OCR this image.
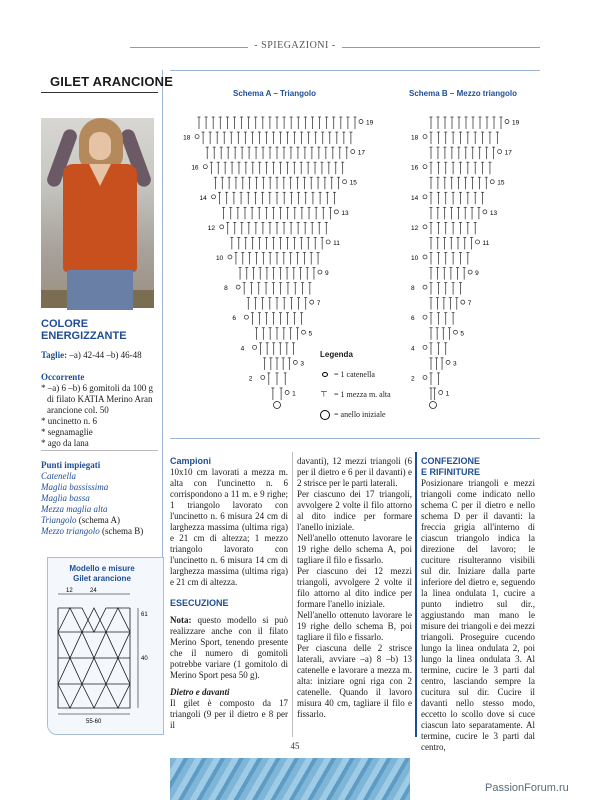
- SPIEGAZIONI -
GILET ARANCIONE
COLORE
ENERGIZZANTE
Taglie: –a) 42-44 –b) 46-48
Occorrente
* –a) 6 –b) 6 gomitoli da 100 g
di filato KATIA Merino Aran
arancione col. 50
* uncinetto n. 6
* segnamaglie
* ago da lana
Punti impiegati
Catenella
Maglia bassissima
Maglia bassa
Mezza maglia alta
Triangolo (schema A)
Mezzo triangolo (schema B)
Modello e misure
Gilet arancione
12	24
61
40
55-60
Schema A – Triangolo	Schema B – Mezzo triangolo
1
2
3
4
5
6
7
8
9
10
11
12
13
14
15
16
17
18
19
1
2
3
4
5
6
7
8
9
10
11
12
13
14
15
16
17
18
19
Legenda
= 1 catenella
┬ = 1 mezza m. alta
= anello iniziale
Campioni

10x10 cm lavorati a mezza m. alta con l'uncinetto n. 6 corrispondono a 11 m. e 9 righe; 1 triangolo lavorato con l'uncinetto n. 6 misura 24 cm di larghezza massima (ultima riga) e 21 cm di altezza; 1 mezzo triangolo lavorato con l'uncinetto n. 6 misura 14 cm di larghezza massima (ultima riga) e 21 cm di altezza.

ESECUZIONE

Nota: questo modello si può realizzare anche con il filato Merino Sport, tenendo presente che il numero di gomitoli potrebbe variare (1 gomitolo di Merino Sport pesa 50 g).

Dietro e davanti

Il gilet è composto da 17 triangoli (9 per il dietro e 8 per il

davanti), 12 mezzi triangoli (6 per il dietro e 6 per il davanti) e 2 strisce per le parti laterali.

Per ciascuno dei 17 triangoli, avvolgere 2 volte il filo attorno al dito indice per formare l'anello iniziale.

Nell'anello ottenuto lavorare le 19 righe dello schema A, poi tagliare il filo e fissarlo.

Per ciascuno dei 12 mezzi triangoli, avvolgere 2 volte il filo attorno al dito indice per formare l'anello iniziale.

Nell'anello ottenuto lavorare le 19 righe dello schema B, poi tagliare il filo e fissarlo.

Per ciascuna delle 2 strisce laterali, avviare –a) 8 –b) 13 catenelle e lavorare a mezza m. alta: iniziare ogni riga con 2 catenelle. Quando il lavoro misura 40 cm, tagliare il filo e fissarlo.

CONFEZIONE
E RIFINITURE

Posizionare triangoli e mezzi triangoli come indicato nello schema C per il dietro e nello schema D per il davanti: la freccia grigia all'interno di ciascun triangolo indica la direzione del lavoro; le cuciture risulteranno visibili sul dir. Iniziare dalla parte inferiore del dietro e, seguendo la linea ondulata 1, cucire a punto indietro sul dir., aggiustando man mano le misure dei triangoli e dei mezzi triangoli. Proseguire cucendo lungo la linea ondulata 2, poi lungo la linea ondulata 3. Al termine, cucire le 3 parti dal centro, lasciando sempre la cucitura sul dir. Cucire il davanti nello stesso modo, eccetto lo scollo dove si cuce ciascun lato separatamente. Al termine, cucire le 3 parti dal centro,

45
PassionForum.ru
